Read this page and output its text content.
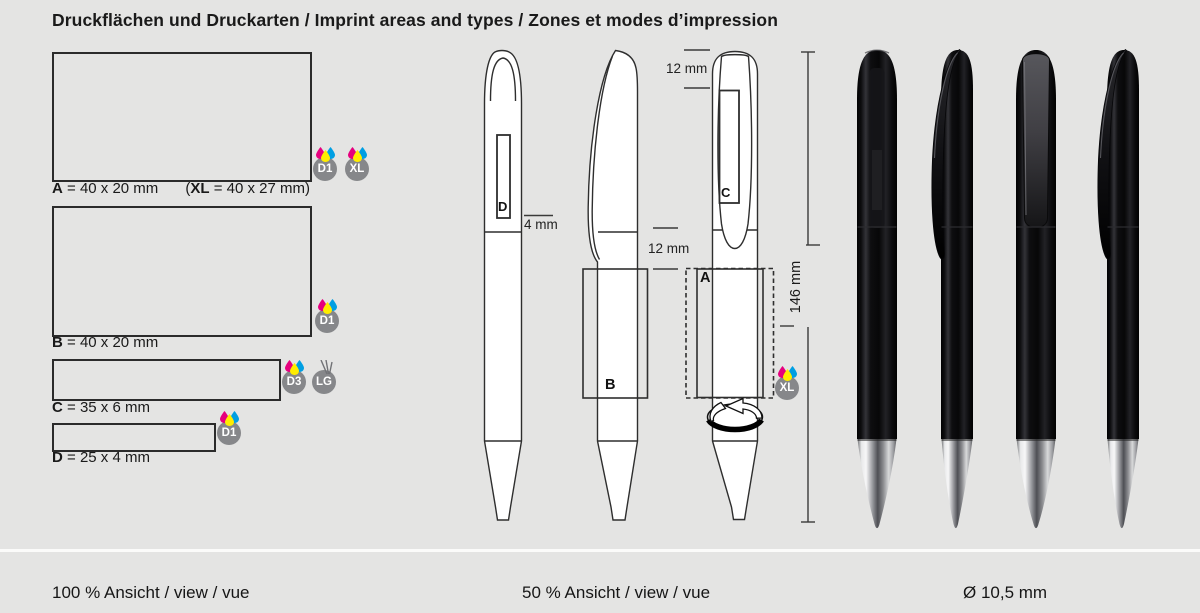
Druckflächen und Druckarten / Imprint areas and types / Zones et modes d’impression
A = 40 x 20 mm (XL = 40 x 27 mm)
B = 40 x 20 mm
C = 35 x 6 mm
D = 25 x 4 mm
4 mm
12 mm
12 mm
146 mm
D
B
C
A
D1	XL
D1
D3	LG
D1
XL
100 % Ansicht / view / vue	50 % Ansicht / view / vue	Ø 10,5 mm
